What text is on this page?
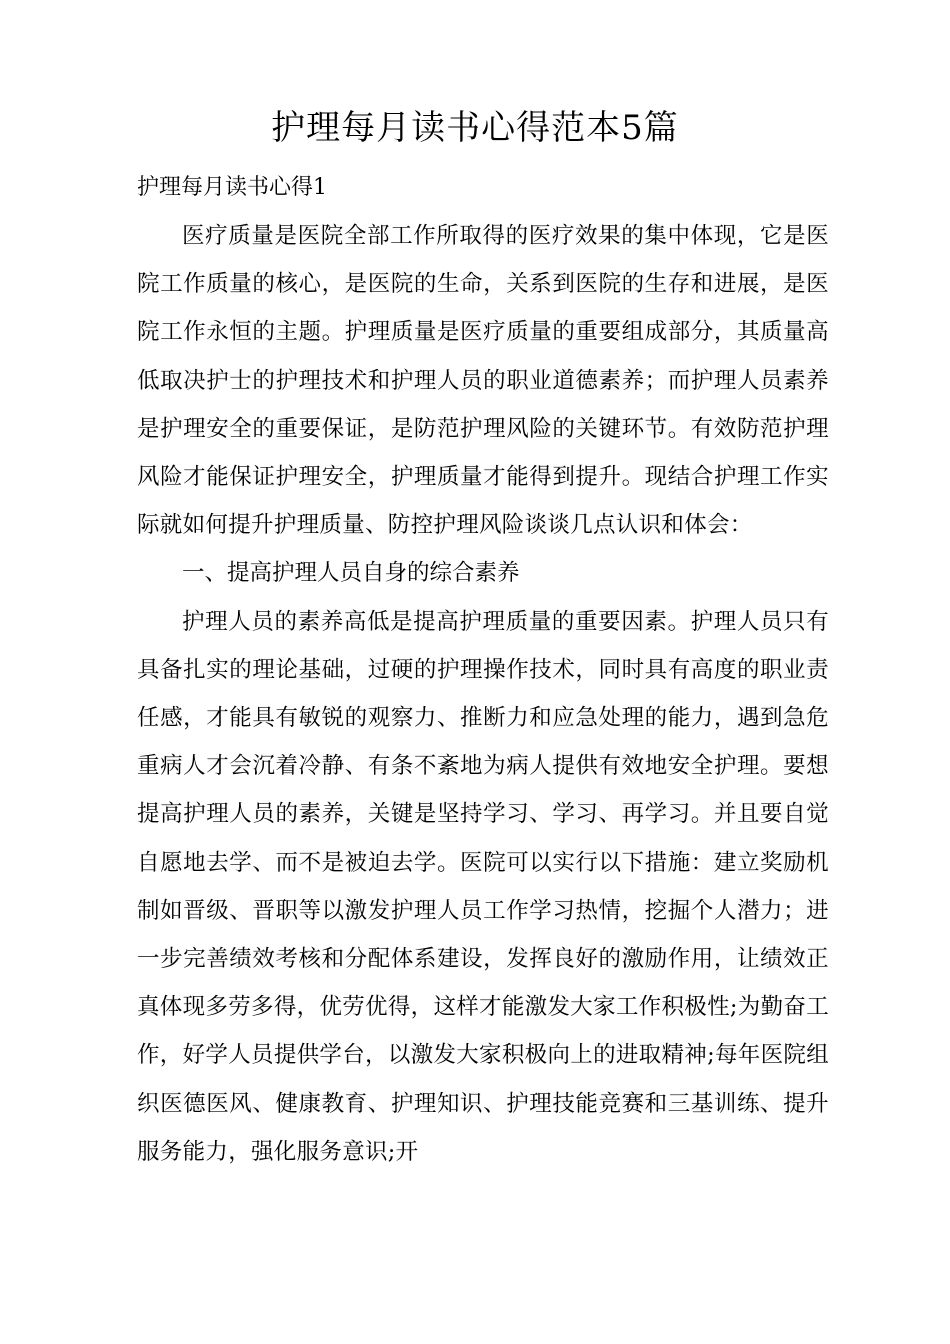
护理每月读书心得范本5篇
护理每月读书心得1

医疗质量是医院全部工作所取得的医疗效果的集中体现，它是医院工作质量的核心，是医院的生命，关系到医院的生存和进展，是医院工作永恒的主题。护理质量是医疗质量的重要组成部分，其质量高低取决护士的护理技术和护理人员的职业道德素养；而护理人员素养是护理安全的重要保证，是防范护理风险的关键环节。有效防范护理风险才能保证护理安全，护理质量才能得到提升。现结合护理工作实际就如何提升护理质量、防控护理风险谈谈几点认识和体会：

一、提高护理人员自身的综合素养

护理人员的素养高低是提高护理质量的重要因素。护理人员只有具备扎实的理论基础，过硬的护理操作技术，同时具有高度的职业责任感，才能具有敏锐的观察力、推断力和应急处理的能力，遇到急危重病人才会沉着冷静、有条不紊地为病人提供有效地安全护理。要想提高护理人员的素养，关键是坚持学习、学习、再学习。并且要自觉自愿地去学、而不是被迫去学。医院可以实行以下措施：建立奖励机制如晋级、晋职等以激发护理人员工作学习热情，挖掘个人潜力；进一步完善绩效考核和分配体系建设，发挥良好的激励作用，让绩效正真体现多劳多得，优劳优得，这样才能激发大家工作积极性;为勤奋工作，好学人员提供学台，以激发大家积极向上的进取精神;每年医院组织医德医风、健康教育、护理知识、护理技能竞赛和三基训练、提升服务能力，强化服务意识;开
